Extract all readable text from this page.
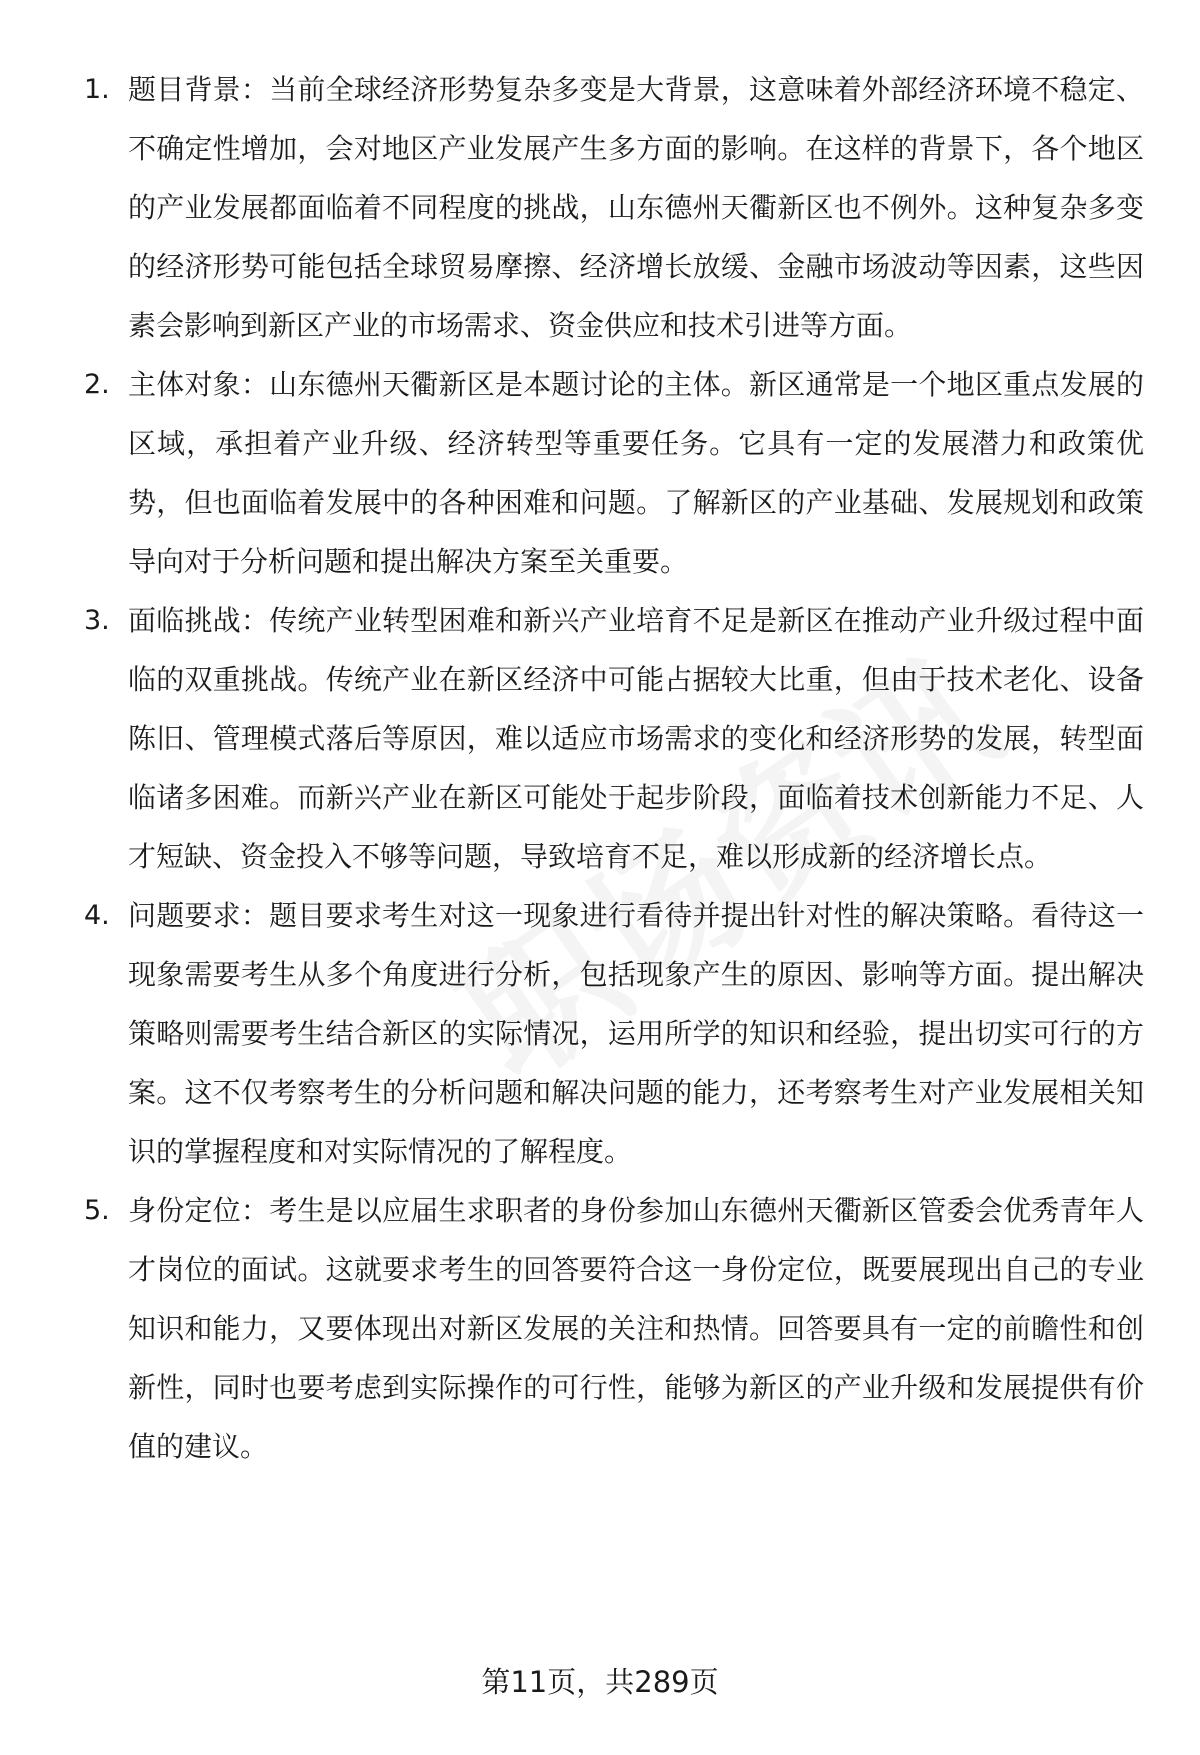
1. 题目背景：当前全球经济形势复杂多变是大背景，这意味着外部经济环境不稳定、不确定性增加，会对地区产业发展产生多方面的影响。在这样的背景下，各个地区的产业发展都面临着不同程度的挑战，山东德州天衢新区也不例外。这种复杂多变的经济形势可能包括全球贸易摩擦、经济增长放缓、金融市场波动等因素，这些因素会影响到新区产业的市场需求、资金供应和技术引进等方面。
2. 主体对象：山东德州天衢新区是本题讨论的主体。新区通常是一个地区重点发展的区域，承担着产业升级、经济转型等重要任务。它具有一定的发展潜力和政策优势，但也面临着发展中的各种困难和问题。了解新区的产业基础、发展规划和政策导向对于分析问题和提出解决方案至关重要。
3. 面临挑战：传统产业转型困难和新兴产业培育不足是新区在推动产业升级过程中面临的双重挑战。传统产业在新区经济中可能占据较大比重，但由于技术老化、设备陈旧、管理模式落后等原因，难以适应市场需求的变化和经济形势的发展，转型面临诸多困难。而新兴产业在新区可能处于起步阶段，面临着技术创新能力不足、人才短缺、资金投入不够等问题，导致培育不足，难以形成新的经济增长点。
4. 问题要求：题目要求考生对这一现象进行看待并提出针对性的解决策略。看待这一现象需要考生从多个角度进行分析，包括现象产生的原因、影响等方面。提出解决策略则需要考生结合新区的实际情况，运用所学的知识和经验，提出切实可行的方案。这不仅考察考生的分析问题和解决问题的能力，还考察考生对产业发展相关知识的掌握程度和对实际情况的了解程度。
5. 身份定位：考生是以应届生求职者的身份参加山东德州天衢新区管委会优秀青年人才岗位的面试。这就要求考生的回答要符合这一身份定位，既要展现出自己的专业知识和能力，又要体现出对新区发展的关注和热情。回答要具有一定的前瞻性和创新性，同时也要考虑到实际操作的可行性，能够为新区的产业升级和发展提供有价值的建议。
第11页，共289页
